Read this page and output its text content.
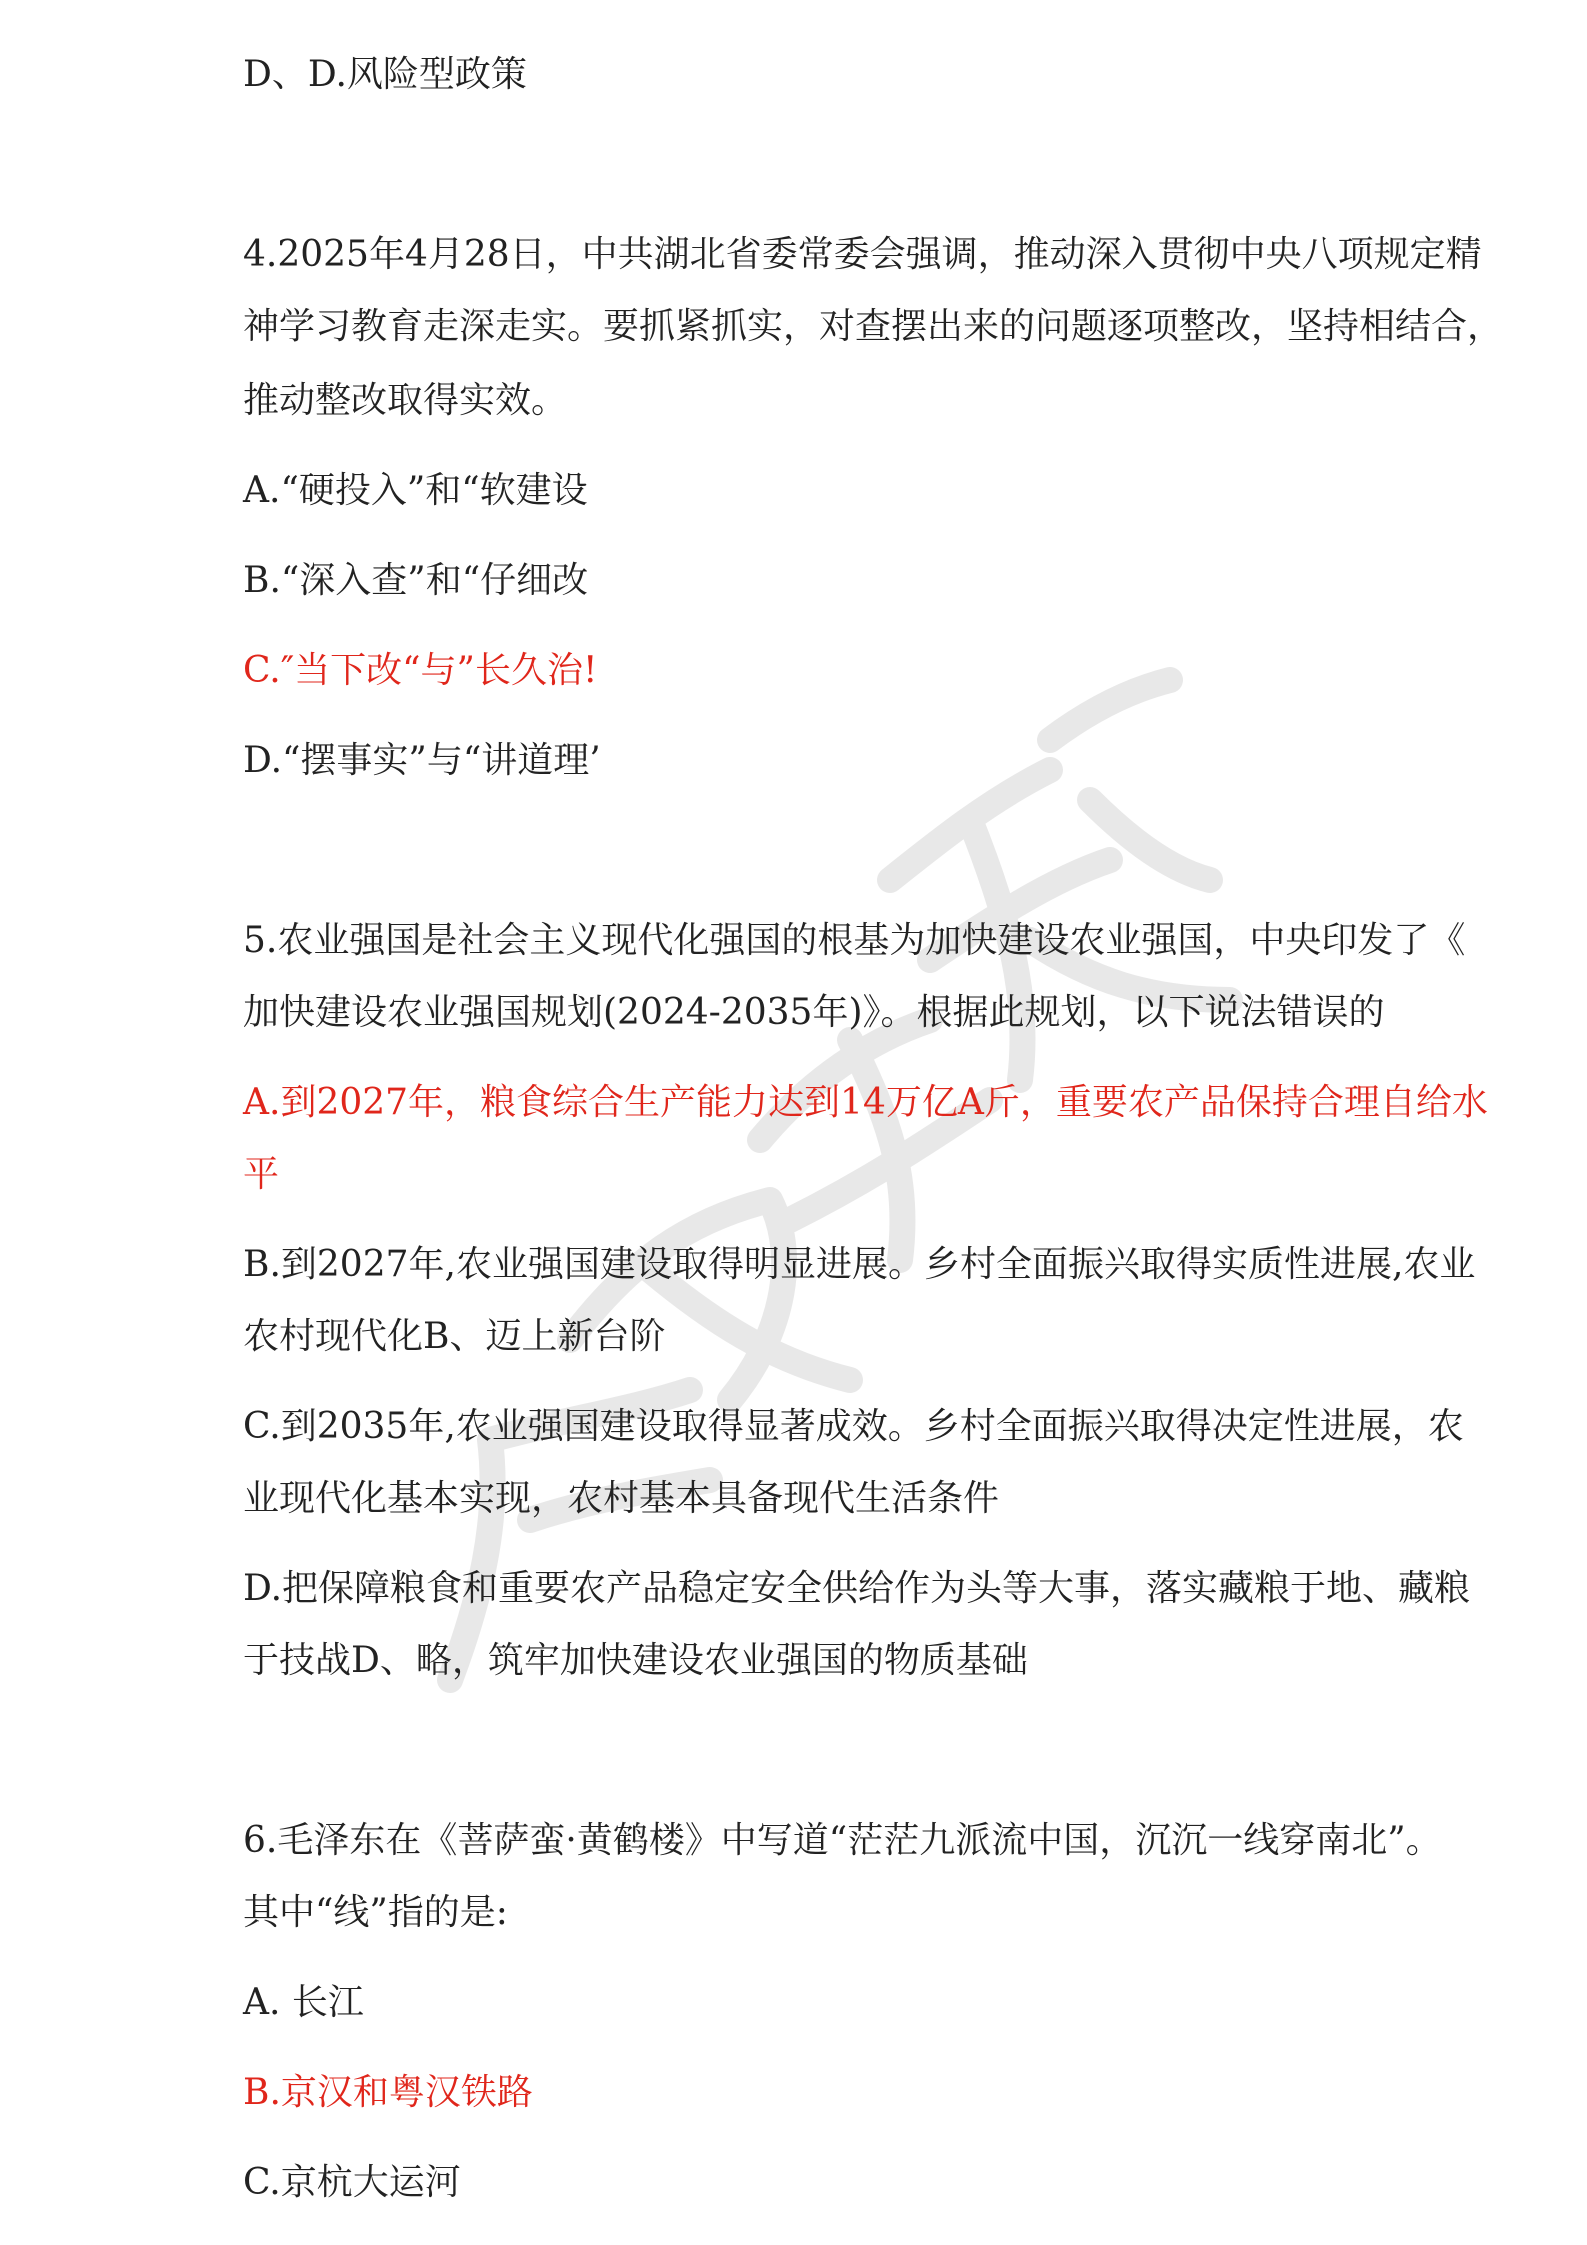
D、D.风险型政策
4.2025年4月28日，中共湖北省委常委会强调，推动深入贯彻中央八项规定精
神学习教育走深走实。要抓紧抓实，对查摆出来的问题逐项整改，坚持相结合，
推动整改取得实效。
A.“硬投入”和“软建设
B.“深入查”和“仔细改
C.″当下改“与”长久治!
D.“摆事实”与“讲道理’
5.农业强国是社会主义现代化强国的根基为加快建设农业强国，中央印发了《
加快建设农业强国规划(2024-2035年)》。根据此规划，以下说法错误的
A.到2027年，粮食综合生产能力达到14万亿A斤，重要农产品保持合理自给水
平
B.到2027年,农业强国建设取得明显进展。乡村全面振兴取得实质性进展,农业
农村现代化B、迈上新台阶
C.到2035年,农业强国建设取得显著成效。乡村全面振兴取得决定性进展，农
业现代化基本实现，农村基本具备现代生活条件
D.把保障粮食和重要农产品稳定安全供给作为头等大事，落实藏粮于地、藏粮
于技战D、略，筑牢加快建设农业强国的物质基础
6.毛泽东在《菩萨蛮·黄鹤楼》中写道“茫茫九派流中国，沉沉一线穿南北”。
其中“线”指的是:
A. 长江
B.京汉和粤汉铁路
C.京杭大运河
